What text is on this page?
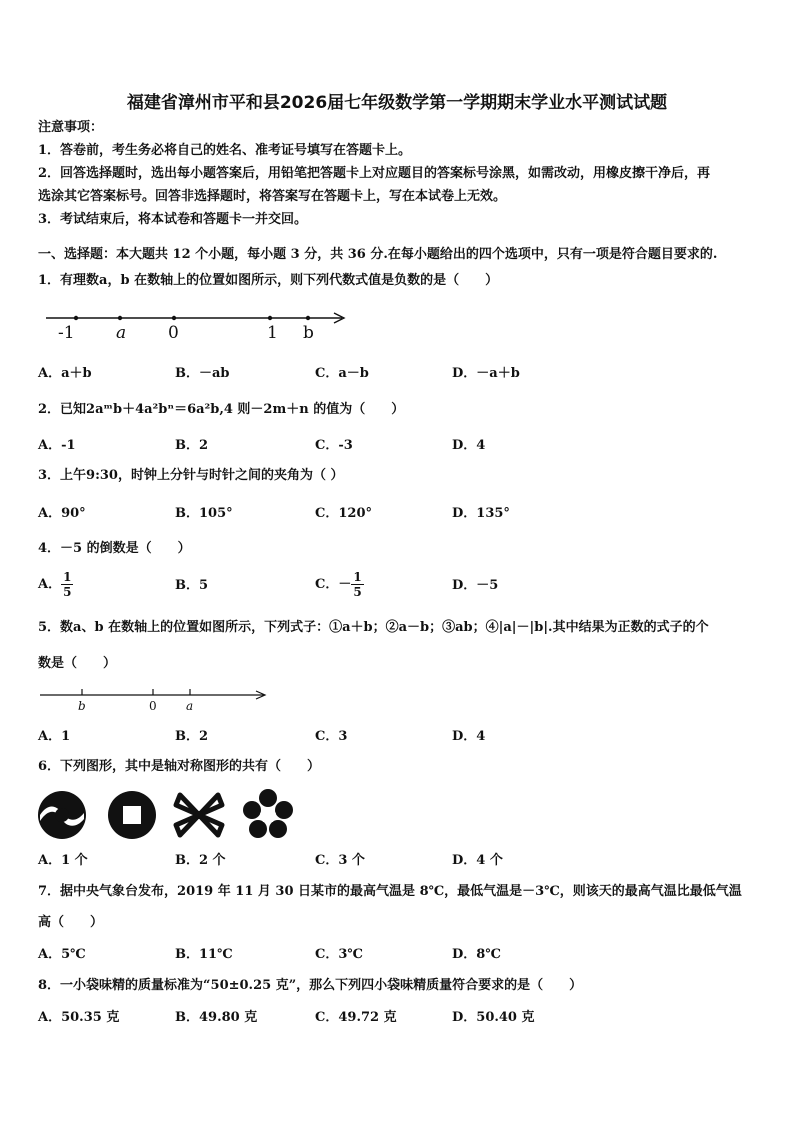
福建省漳州市平和县2026届七年级数学第一学期期末学业水平测试试题
注意事项：
1．答卷前，考生务必将自己的姓名、准考证号填写在答题卡上。
2．回答选择题时，选出每小题答案后，用铅笔把答题卡上对应题目的答案标号涂黑，如需改动，用橡皮擦干净后，再
选涂其它答案标号。回答非选择题时，将答案写在答题卡上，写在本试卷上无效。
3．考试结束后，将本试卷和答题卡一并交回。
一、选择题：本大题共 12 个小题，每小题 3 分，共 36 分.在每小题给出的四个选项中，只有一项是符合题目要求的.
1．有理数a，b 在数轴上的位置如图所示，则下列代数式值是负数的是（　　）
-1 a 0	1 b
A．a＋b	B．－ab	C．a－b	D．－a＋b
2．已知2aᵐb＋4a²bⁿ＝6a²b,4 则－2m＋n 的值为（　　）
A．-1	B．2	C．-3	D．4
3．上午9:30，时钟上分针与时针之间的夹角为（ ）
A．90°	B．105°	C．120°	D．135°
4．－5 的倒数是（　　）
A． $\frac{1}{5}$	B．5	C．－ $\frac{1}{5}$	D．－5
5．数a、b 在数轴上的位置如图所示，下列式子：①a＋b；②a－b；③ab；④|a|－|b|.其中结果为正数的式子的个
数是（　　）
b	0 a
A．1	B．2	C．3	D．4
6．下列图形，其中是轴对称图形的共有（　　）
A．1 个	B．2 个	C．3 个	D．4 个
7．据中央气象台发布，2019 年 11 月 30 日某市的最高气温是 8℃，最低气温是－3℃，则该天的最高气温比最低气温
高（　　）
A．5℃	B．11℃	C．3℃	D．8℃
8．一小袋味精的质量标准为“50±0.25 克”，那么下列四小袋味精质量符合要求的是（　　）
A．50.35 克	B．49.80 克	C．49.72 克	D．50.40 克
